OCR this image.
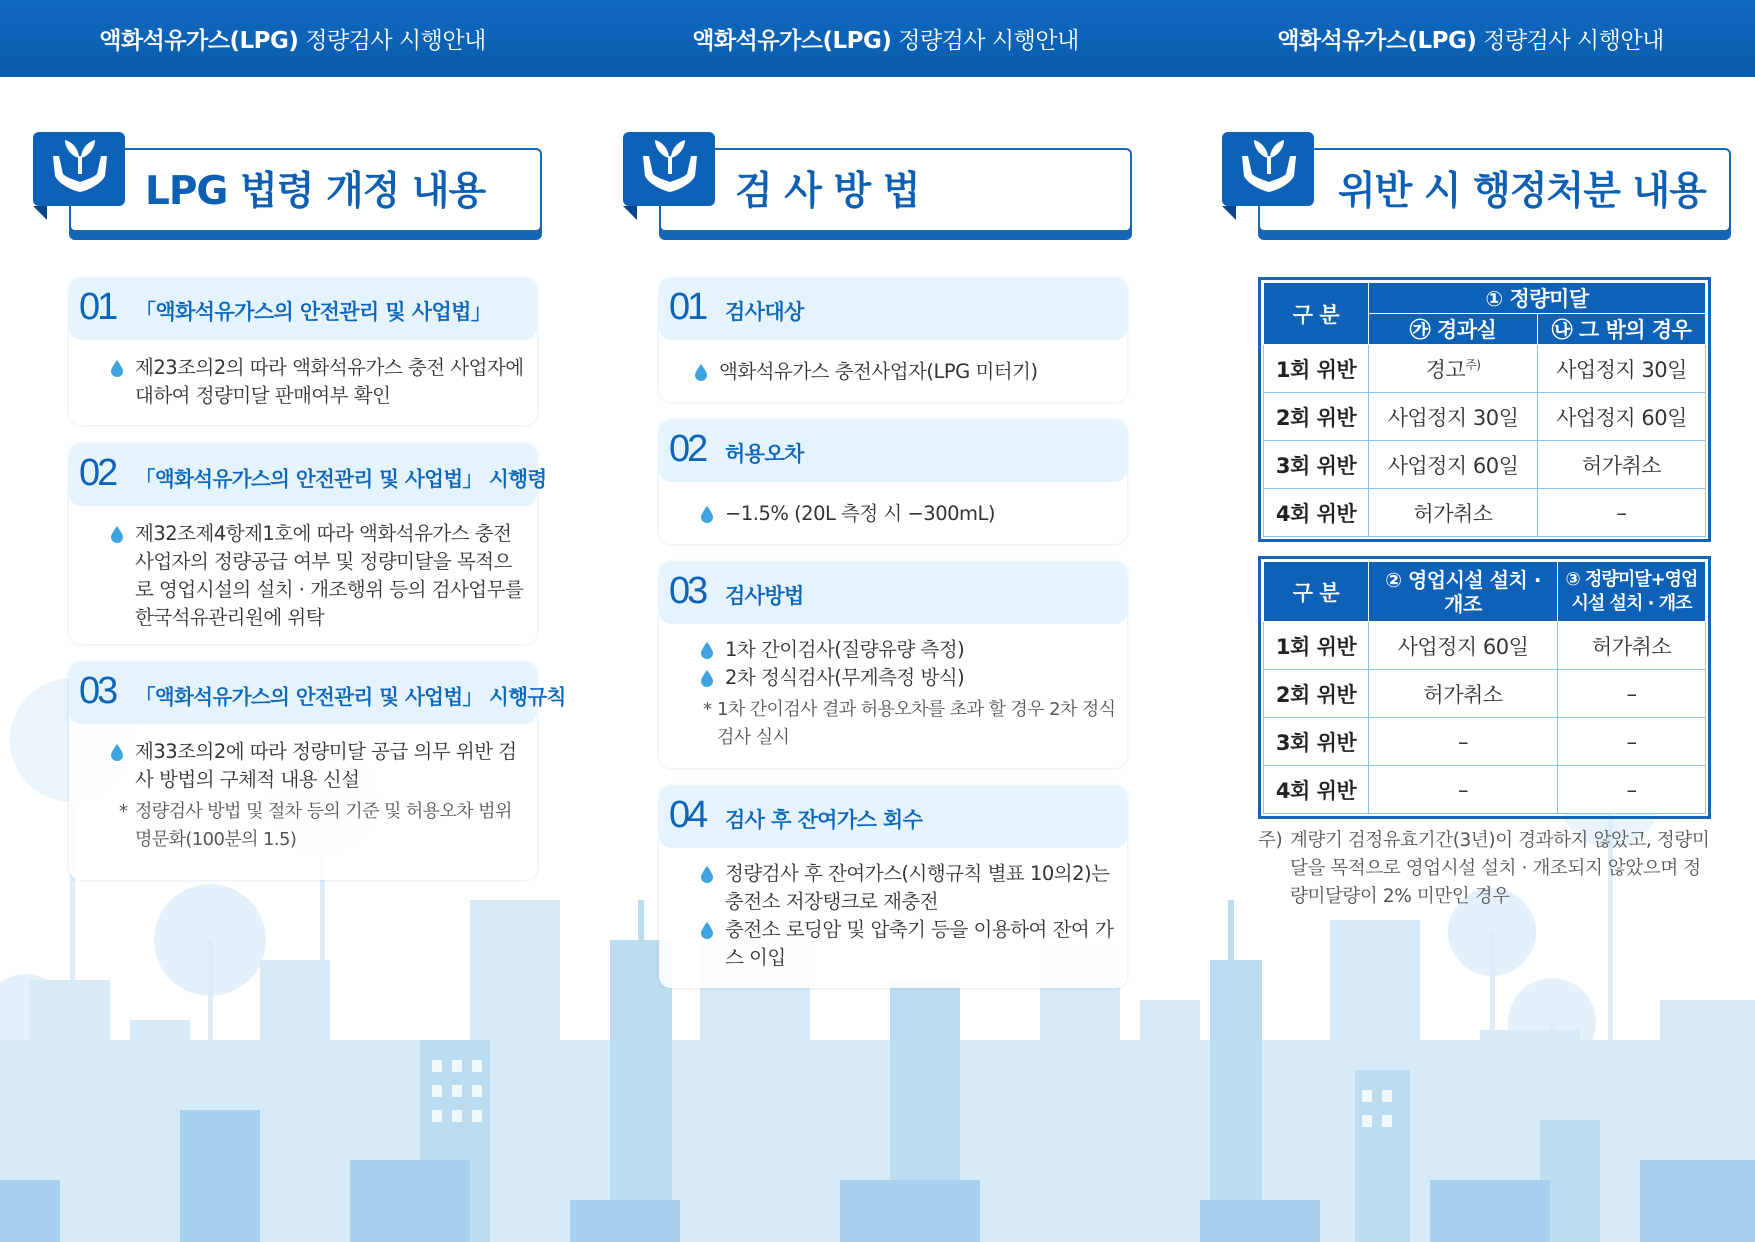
액화석유가스(LPG) 정량검사 시행안내	액화석유가스(LPG) 정량검사 시행안내	액화석유가스(LPG) 정량검사 시행안내
LPG 법령 개정 내용
01 「액화석유가스의 안전관리 및 사업법」
제23조의2의 따라 액화석유가스 충전 사업자에 대하여 정량미달 판매여부 확인
02 「액화석유가스의 안전관리 및 사업법」 시행령
제32조제4항제1호에 따라 액화석유가스 충전 사업자의 정량공급 여부 및 정량미달을 목적으로 영업시설의 설치 · 개조행위 등의 검사업무를 한국석유관리원에 위탁
03 「액화석유가스의 안전관리 및 사업법」 시행규칙
제33조의2에 따라 정량미달 공급 의무 위반 검사 방법의 구체적 내용 신설
* 정량검사 방법 및 절차 등의 기준 및 허용오차 범위 명문화(100분의 1.5)
검 사 방 법
01 검사대상
액화석유가스 충전사업자(LPG 미터기)
02 허용오차
−1.5% (20L 측정 시 −300mL)
03 검사방법
1차 간이검사(질량유량 측정)
2차 정식검사(무게측정 방식)
* 1차 간이검사 결과 허용오차를 초과 할 경우 2차 정식검사 실시
04 검사 후 잔여가스 회수
정량검사 후 잔여가스(시행규칙 별표 10의2)는 충전소 저장탱크로 재충전
충전소 로딩암 및 압축기 등을 이용하여 잔여 가스 이입
위반 시 행정처분 내용
구 분	① 정량미달	
	㉮ 경과실	㉯ 그 밖의 경우
1회 위반	경고$^{주)}$	사업정지 30일
2회 위반	사업정지 30일	사업정지 60일
3회 위반	사업정지 60일	허가취소
4회 위반	허가취소	–
구 분	② 영업시설 설치 · 개조	③ 정량미달+영업시설 설치 · 개조
1회 위반	사업정지 60일	허가취소
2회 위반	허가취소	–
3회 위반	–	–
4회 위반	–	–
주) 계량기 검정유효기간(3년)이 경과하지 않았고, 정량미달을 목적으로 영업시설 설치 · 개조되지 않았으며 정량미달량이 2% 미만인 경우
